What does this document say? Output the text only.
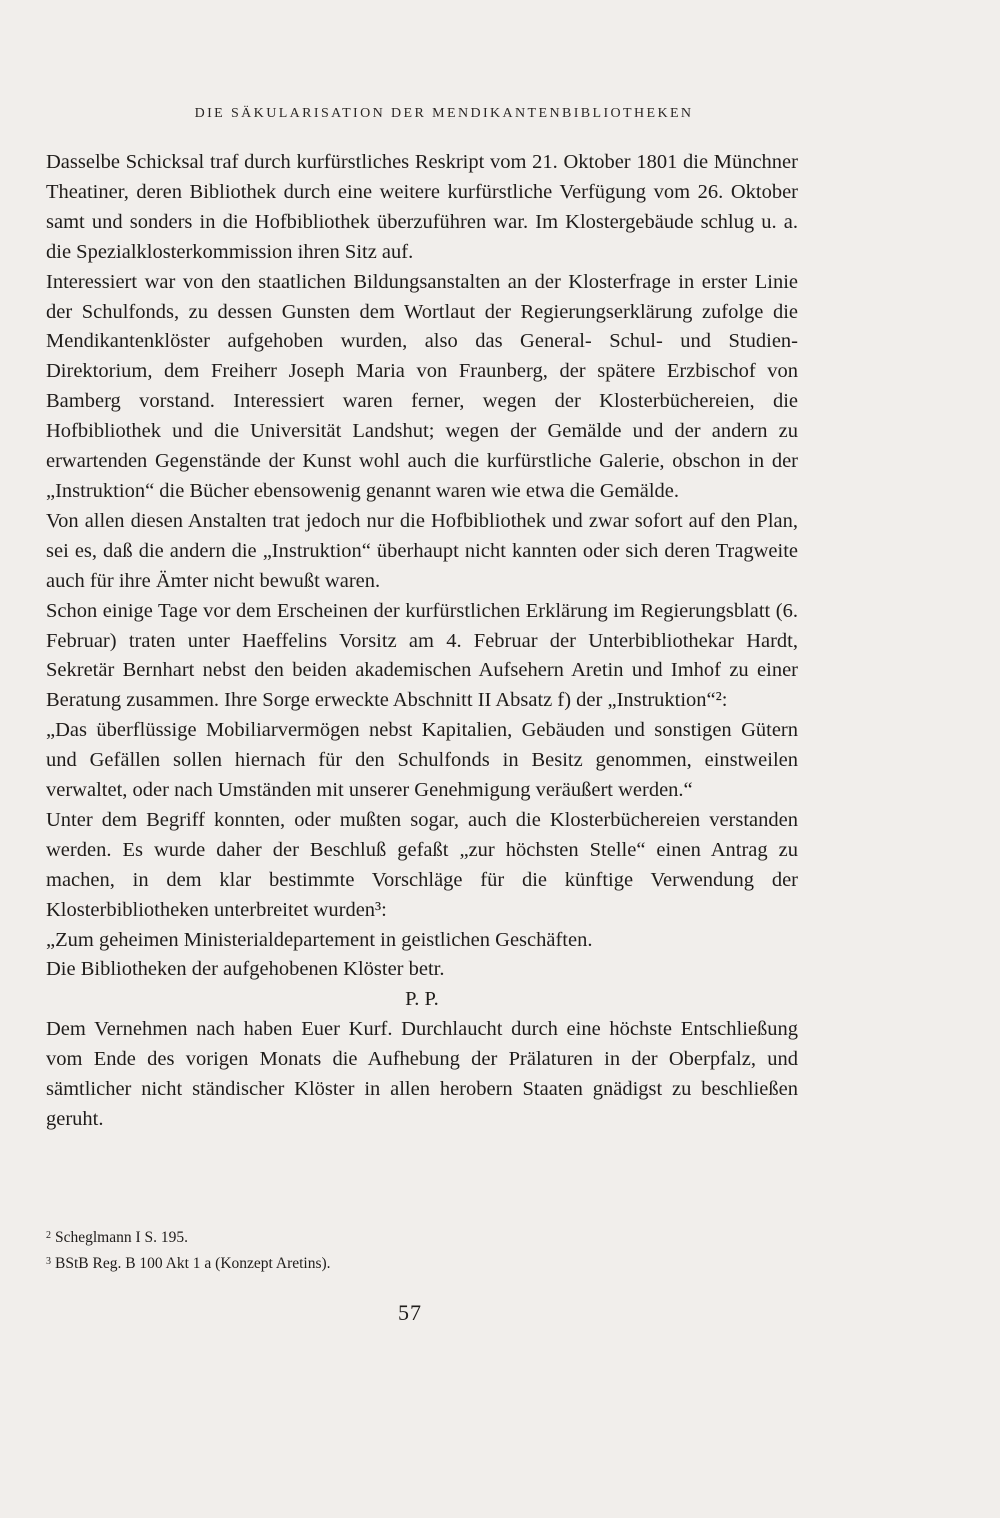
DIE SÄKULARISATION DER MENDIKANTENBIBLIOTHEKEN

Dasselbe Schicksal traf durch kurfürstliches Reskript vom 21. Oktober 1801 die Münchner Theatiner, deren Bibliothek durch eine weitere kurfürstliche Verfügung vom 26. Oktober samt und sonders in die Hofbibliothek überzuführen war. Im Klostergebäude schlug u. a. die Spezialklosterkommission ihren Sitz auf.

Interessiert war von den staatlichen Bildungsanstalten an der Klosterfrage in erster Linie der Schulfonds, zu dessen Gunsten dem Wortlaut der Regierungserklärung zufolge die Mendikantenklöster aufgehoben wurden, also das General- Schul- und Studien-Direktorium, dem Freiherr Joseph Maria von Fraunberg, der spätere Erzbischof von Bamberg vorstand. Interessiert waren ferner, wegen der Klosterbüchereien, die Hofbibliothek und die Universität Landshut; wegen der Gemälde und der andern zu erwartenden Gegenstände der Kunst wohl auch die kurfürstliche Galerie, obschon in der „Instruktion“ die Bücher ebensowenig genannt waren wie etwa die Gemälde.

Von allen diesen Anstalten trat jedoch nur die Hofbibliothek und zwar sofort auf den Plan, sei es, daß die andern die „Instruktion“ überhaupt nicht kannten oder sich deren Tragweite auch für ihre Ämter nicht bewußt waren.

Schon einige Tage vor dem Erscheinen der kurfürstlichen Erklärung im Regierungsblatt (6. Februar) traten unter Haeffelins Vorsitz am 4. Februar der Unterbibliothekar Hardt, Sekretär Bernhart nebst den beiden akademischen Aufsehern Aretin und Imhof zu einer Beratung zusammen. Ihre Sorge erweckte Abschnitt II Absatz f) der „Instruktion“²:

„Das überflüssige Mobiliarvermögen nebst Kapitalien, Gebäuden und sonstigen Gütern und Gefällen sollen hiernach für den Schulfonds in Besitz genommen, einstweilen verwaltet, oder nach Umständen mit unserer Genehmigung veräußert werden.“

Unter dem Begriff konnten, oder mußten sogar, auch die Klosterbüchereien verstanden werden. Es wurde daher der Beschluß gefaßt „zur höchsten Stelle“ einen Antrag zu machen, in dem klar bestimmte Vorschläge für die künftige Verwendung der Klosterbibliotheken unterbreitet wurden³:

„Zum geheimen Ministerialdepartement in geistlichen Geschäften.

Die Bibliotheken der aufgehobenen Klöster betr.

P. P.

Dem Vernehmen nach haben Euer Kurf. Durchlaucht durch eine höchste Entschließung vom Ende des vorigen Monats die Aufhebung der Prälaturen in der Oberpfalz, und sämtlicher nicht ständischer Klöster in allen herobern Staaten gnädigst zu beschließen geruht.

$^2$ Scheglmann I S. 195.

$^3$ BStB Reg. B 100 Akt 1 a (Konzept Aretins).

57
